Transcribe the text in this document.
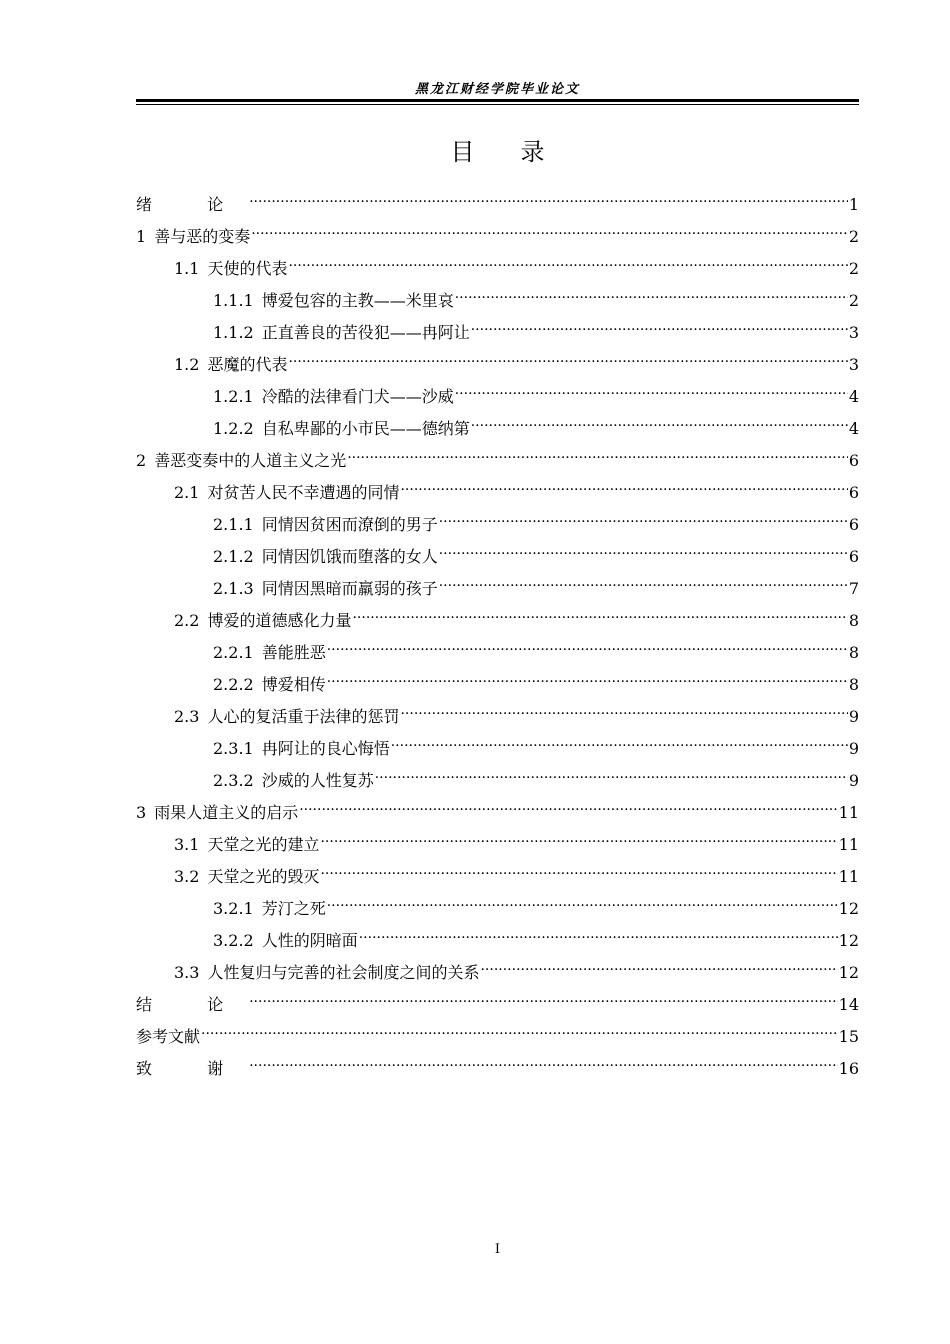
黑龙江财经学院毕业论文
目 录
绪 论 .....	1
1 善与恶的变奏 .....	2
1.1 天使的代表 .....	2
1.1.1 博爱包容的主教——米里哀 .....	2
1.1.2 正直善良的苦役犯——冉阿让 .....	3
1.2 恶魔的代表 .....	3
1.2.1 冷酷的法律看门犬——沙威 .....	4
1.2.2 自私卑鄙的小市民——德纳第 .....	4
2 善恶变奏中的人道主义之光 .....	6
2.1 对贫苦人民不幸遭遇的同情 .....	6
2.1.1 同情因贫困而潦倒的男子 .....	6
2.1.2 同情因饥饿而堕落的女人 .....	6
2.1.3 同情因黑暗而羸弱的孩子 .....	7
2.2 博爱的道德感化力量 .....	8
2.2.1 善能胜恶 .....	8
2.2.2 博爱相传 .....	8
2.3 人心的复活重于法律的惩罚 .....	9
2.3.1 冉阿让的良心悔悟 .....	9
2.3.2 沙威的人性复苏 .....	9
3 雨果人道主义的启示 .....	11
3.1 天堂之光的建立 .....	11
3.2 天堂之光的毁灭 .....	11
3.2.1 芳汀之死 .....	12
3.2.2 人性的阴暗面 .....	12
3.3 人性复归与完善的社会制度之间的关系 .....	12
结 论 .....	14
参考文献 .....	15
致 谢 .....	16
I
